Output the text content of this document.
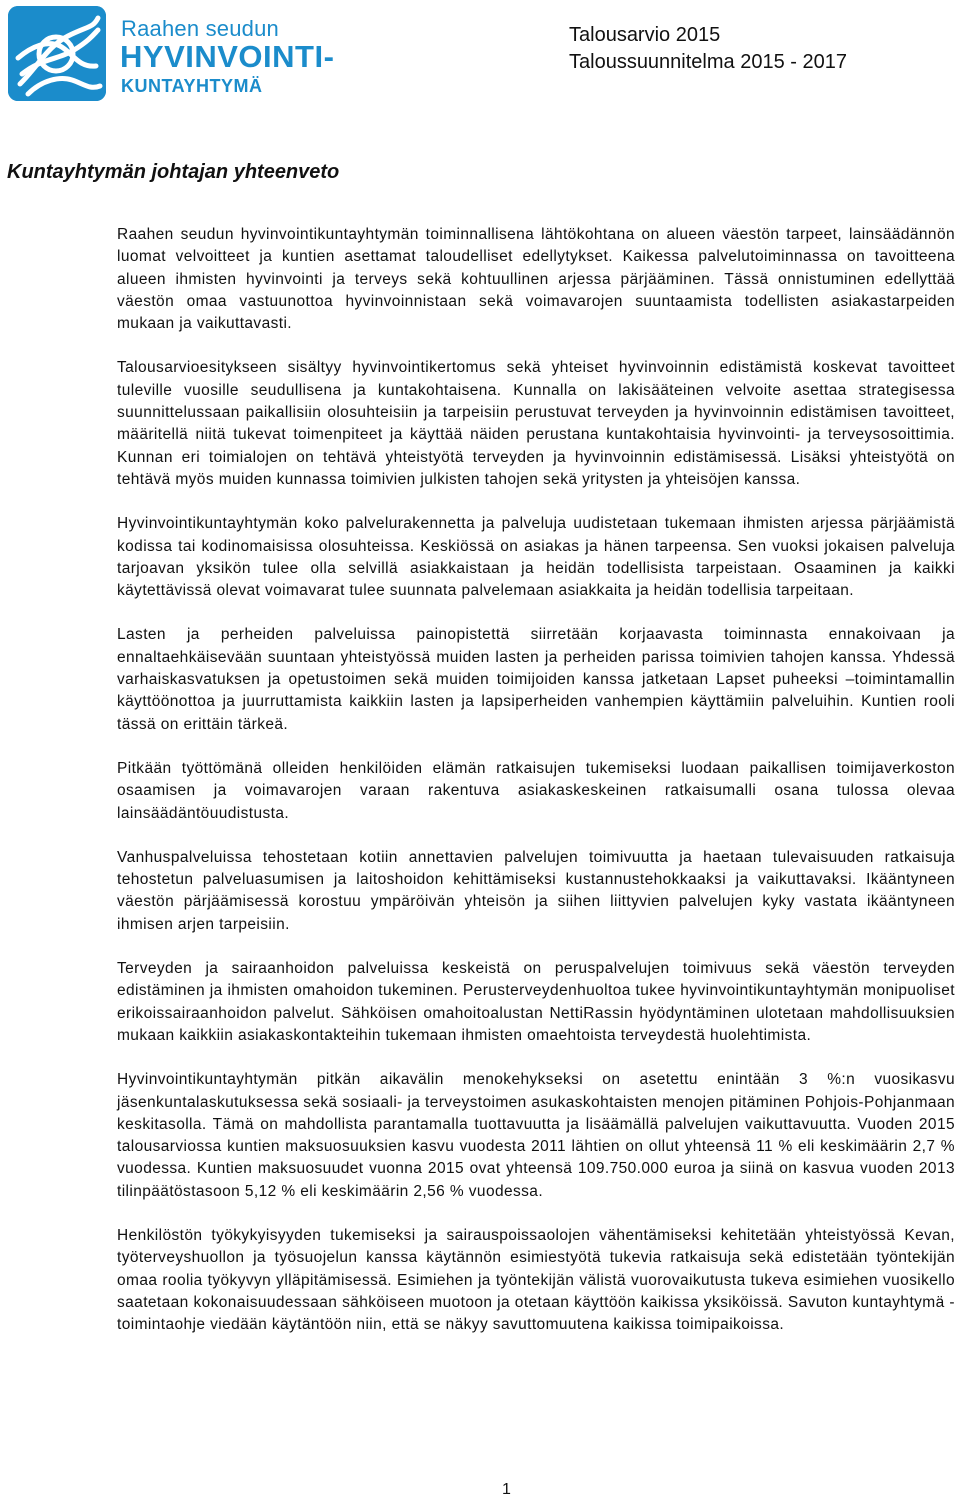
Raahen seudun
HYVINVOINTI-
KUNTAYHTYMÄ
Talousarvio 2015
Taloussuunnitelma 2015 - 2017
Kuntayhtymän johtajan yhteenveto

Raahen seudun hyvinvointikuntayhtymän toiminnallisena lähtökohtana on alueen väestön tarpeet, lainsäädännön luomat velvoitteet ja kuntien asettamat taloudelliset edellytykset. Kaikessa palvelutoiminnassa on tavoitteena alueen ihmisten hyvinvointi ja terveys sekä kohtuullinen arjessa pärjääminen. Tässä onnistuminen edellyttää väestön omaa vastuunottoa hyvinvoinnistaan sekä voimavarojen suuntaamista todellisten asiakastarpeiden mukaan ja vaikuttavasti.

Talousarvioesitykseen sisältyy hyvinvointikertomus sekä yhteiset hyvinvoinnin edistämistä koskevat tavoitteet tuleville vuosille seudullisena ja kuntakohtaisena. Kunnalla on lakisääteinen velvoite asettaa strategisessa suunnittelussaan paikallisiin olosuhteisiin ja tarpeisiin perustuvat terveyden ja hyvinvoinnin edistämisen tavoitteet, määritellä niitä tukevat toimenpiteet ja käyttää näiden perustana kuntakohtaisia hyvinvointi- ja terveysosoittimia. Kunnan eri toimialojen on tehtävä yhteistyötä terveyden ja hyvinvoinnin edistämisessä. Lisäksi yhteistyötä on tehtävä myös muiden kunnassa toimivien julkisten tahojen sekä yritysten ja yhteisöjen kanssa.

Hyvinvointikuntayhtymän koko palvelurakennetta ja palveluja uudistetaan tukemaan ihmisten arjessa pärjäämistä kodissa tai kodinomaisissa olosuhteissa. Keskiössä on asiakas ja hänen tarpeensa. Sen vuoksi jokaisen palveluja tarjoavan yksikön tulee olla selvillä asiakkaistaan ja heidän todellisista tarpeistaan. Osaaminen ja kaikki käytettävissä olevat voimavarat tulee suunnata palvelemaan asiakkaita ja heidän todellisia tarpeitaan.

Lasten ja perheiden palveluissa painopistettä siirretään korjaavasta toiminnasta ennakoivaan ja ennaltaehkäisevään suuntaan yhteistyössä muiden lasten ja perheiden parissa toimivien tahojen kanssa. Yhdessä varhaiskasvatuksen ja opetustoimen sekä muiden toimijoiden kanssa jatketaan Lapset puheeksi –toimintamallin käyttöönottoa ja juurruttamista kaikkiin lasten ja lapsiperheiden vanhempien käyttämiin palveluihin. Kuntien rooli tässä on erittäin tärkeä.

Pitkään työttömänä olleiden henkilöiden elämän ratkaisujen tukemiseksi luodaan paikallisen toimijaverkoston osaamisen ja voimavarojen varaan rakentuva asiakaskeskeinen ratkaisumalli osana tulossa olevaa lainsäädäntöuudistusta.

Vanhuspalveluissa tehostetaan kotiin annettavien palvelujen toimivuutta ja haetaan tulevaisuuden ratkaisuja tehostetun palveluasumisen ja laitoshoidon kehittämiseksi kustannustehokkaaksi ja vaikuttavaksi. Ikääntyneen väestön pärjäämisessä korostuu ympäröivän yhteisön ja siihen liittyvien palvelujen kyky vastata ikääntyneen ihmisen arjen tarpeisiin.

Terveyden ja sairaanhoidon palveluissa keskeistä on peruspalvelujen toimivuus sekä väestön terveyden edistäminen ja ihmisten omahoidon tukeminen. Perusterveydenhuoltoa tukee hyvinvointikuntayhtymän monipuoliset erikoissairaanhoidon palvelut. Sähköisen omahoitoalustan NettiRassin hyödyntäminen ulotetaan mahdollisuuksien mukaan kaikkiin asiakaskontakteihin tukemaan ihmisten omaehtoista terveydestä huolehtimista.

Hyvinvointikuntayhtymän pitkän aikavälin menokehykseksi on asetettu enintään 3 %:n vuosikasvu jäsenkuntalaskutuksessa sekä sosiaali- ja terveystoimen asukaskohtaisten menojen pitäminen Pohjois-Pohjanmaan keskitasolla. Tämä on mahdollista parantamalla tuottavuutta ja lisäämällä palvelujen vaikuttavuutta. Vuoden 2015 talousarviossa kuntien maksuosuuksien kasvu vuodesta 2011 lähtien on ollut yhteensä 11 % eli keskimäärin 2,7 % vuodessa. Kuntien maksuosuudet vuonna 2015 ovat yhteensä 109.750.000 euroa ja siinä on kasvua vuoden 2013 tilinpäätöstasoon 5,12 % eli keskimäärin 2,56 % vuodessa.

Henkilöstön työkykyisyyden tukemiseksi ja sairauspoissaolojen vähentämiseksi kehitetään yhteistyössä Kevan, työterveyshuollon ja työsuojelun kanssa käytännön esimiestyötä tukevia ratkaisuja sekä edistetään työntekijän omaa roolia työkyvyn ylläpitämisessä. Esimiehen ja työntekijän välistä vuorovaikutusta tukeva esimiehen vuosikello saatetaan kokonaisuudessaan sähköiseen muotoon ja otetaan käyttöön kaikissa yksiköissä. Savuton kuntayhtymä -toimintaohje viedään käytäntöön niin, että se näkyy savuttomuutena kaikissa toimipaikoissa.

1
